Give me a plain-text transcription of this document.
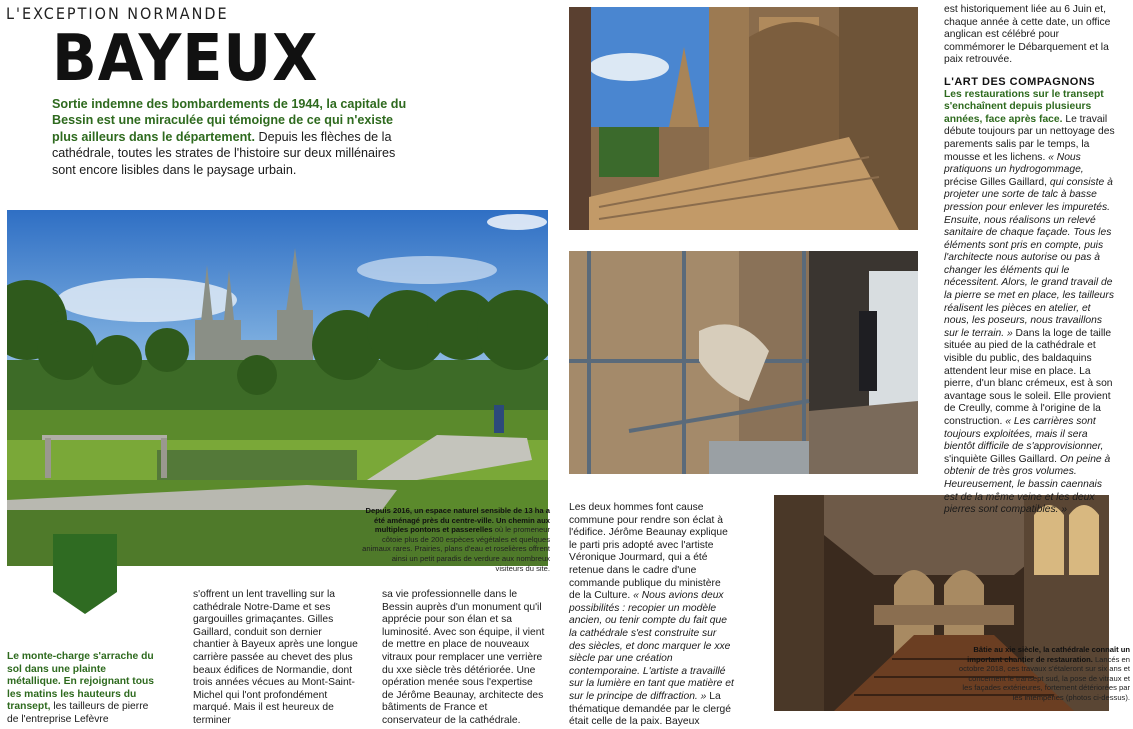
L'EXCEPTION NORMANDE
BAYEUX
Sortie indemne des bombardements de 1944, la capitale du Bessin est une miraculée qui témoigne de ce qui n'existe plus ailleurs dans le département. Depuis les flèches de la cathédrale, toutes les strates de l'histoire sur deux millénaires sont encore lisibles dans le paysage urbain.
Depuis 2016, un espace naturel sensible de 13 ha a été aménagé près du centre-ville. Un chemin aux multiples pontons et passerelles où le promeneur côtoie plus de 200 espèces végétales et quelques animaux rares. Prairies, plans d'eau et roselières offrent ainsi un petit paradis de verdure aux nombreux visiteurs du site.
Bâtie au xie siècle, la cathédrale connaît un important chantier de restauration. Lancés en octobre 2018, ces travaux s'étaleront sur six ans et concernent le transept sud, la pose de vitraux et les façades extérieures, fortement détériorées par les intempéries (photos ci-dessus).
Le monte-charge s'arrache du sol dans une plainte métallique. En rejoignant tous les matins les hauteurs du transept, les tailleurs de pierre de l'entreprise Lefèvre
s'offrent un lent travelling sur la cathédrale Notre-Dame et ses gargouilles grimaçantes. Gilles Gaillard, conduit son dernier chantier à Bayeux après une longue carrière passée au chevet des plus beaux édifices de Normandie, dont trois années vécues au Mont-Saint-Michel qui l'ont profondément marqué. Mais il est heureux de terminer
sa vie professionnelle dans le Bessin auprès d'un monument qu'il apprécie pour son élan et sa luminosité. Avec son équipe, il vient de mettre en place de nouveaux vitraux pour remplacer une verrière du xxe siècle très détériorée. Une opération menée sous l'expertise de Jérôme Beaunay, architecte des bâtiments de France et conservateur de la cathédrale.
Les deux hommes font cause commune pour rendre son éclat à l'édifice. Jérôme Beaunay explique le parti pris adopté avec l'artiste Véronique Jourmard, qui a été retenue dans le cadre d'une commande publique du ministère de la Culture. « Nous avions deux possibilités : recopier un modèle ancien, ou tenir compte du fait que la cathédrale s'est construite sur des siècles, et donc marquer le xxe siècle par une création contemporaine. L'artiste a travaillé sur la lumière en tant que matière et sur le principe de diffraction. » La thématique demandée par le clergé était celle de la paix. Bayeux

est historiquement liée au 6 Juin et, chaque année à cette date, un office anglican est célébré pour commémorer le Débarquement et la paix retrouvée.

L'ART DES COMPAGNONS

Les restaurations sur le transept s'enchaînent depuis plusieurs années, face après face. Le travail débute toujours par un nettoyage des parements salis par le temps, la mousse et les lichens. « Nous pratiquons un hydrogommage, précise Gilles Gaillard, qui consiste à projeter une sorte de talc à basse pression pour enlever les impuretés. Ensuite, nous réalisons un relevé sanitaire de chaque façade. Tous les éléments sont pris en compte, puis l'architecte nous autorise ou pas à changer les éléments qui le nécessitent. Alors, le grand travail de la pierre se met en place, les tailleurs réalisent les pièces en atelier, et nous, les poseurs, nous travaillons sur le terrain. » Dans la loge de taille située au pied de la cathédrale et visible du public, des baldaquins attendent leur mise en place. La pierre, d'un blanc crémeux, est à son avantage sous le soleil. Elle provient de Creully, comme à l'origine de la construction. « Les carrières sont toujours exploitées, mais il sera bientôt difficile de s'approvisionner, s'inquiète Gilles Gaillard. On peine à obtenir de très gros volumes. Heureusement, le bassin caennais est de la même veine et les deux pierres sont compatibles. »
